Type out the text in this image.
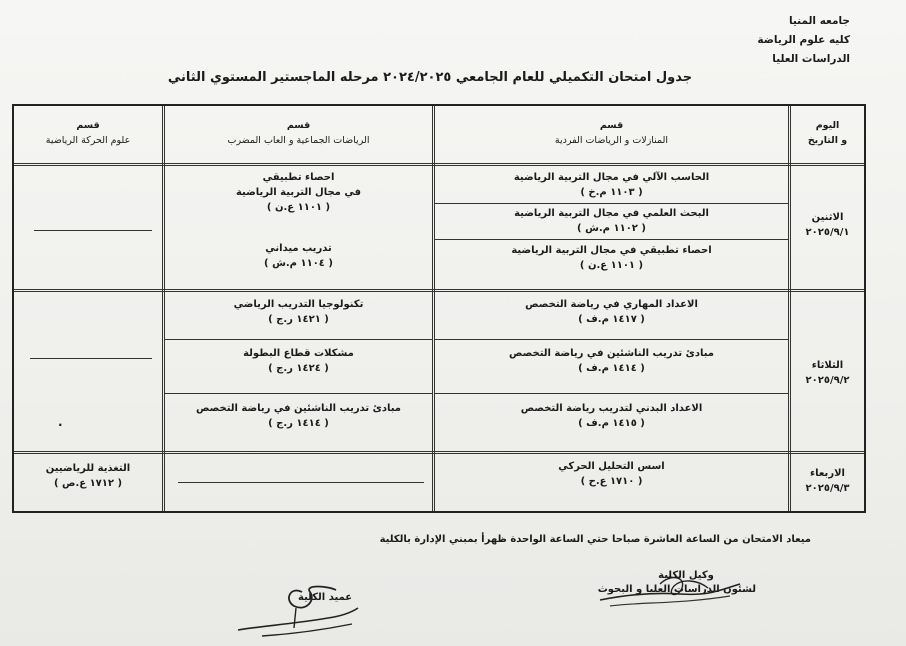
جامعه المنيا
كليه علوم الرياضة
الدراسات العليا
جدول امتحان التكميلي للعام الجامعي ٢٠٢٤/٢٠٢٥ مرحله الماجستير المستوي الثاني
اليوم
و التاريخ
قسم
المنازلات و الرياضات الفردية
قسم
الرياضات الجماعية و العاب المضرب
قسم
علوم الحركة الرياضية
الاثنين
٢٠٢٥/٩/١
الحاسب الآلي في مجال التربية الرياضية
( ١١٠٣ م.خ )
البحث العلمي في مجال التربية الرياضية
( ١١٠٢ م.ش )
احصاء تطبيقي في مجال التربية الرياضية
( ١١٠١ ع.ن )
احصاء تطبيقي
في مجال التربية الرياضية
( ١١٠١ ع.ن )
تدريب ميداني
( ١١٠٤ م.ش )
الثلاثاء
٢٠٢٥/٩/٢
الاعداد المهاري في رياضة التخصص
( ١٤١٧ م.ف )
مبادئ تدريب الناشئين في رياضة التخصص
( ١٤١٤ م.ف )
الاعداد البدني لتدريب رياضة التخصص
( ١٤١٥ م.ف )
تكنولوجيا التدريب الرياضي
( ١٤٢١ ر.ج )
مشكلات قطاع البطولة
( ١٤٢٤ ر.ج )
مبادئ تدريب الناشئين في رياضة التخصص
( ١٤١٤ ر.ج )
.
الاربعاء
٢٠٢٥/٩/٣
اسس التحليل الحركي
( ١٧١٠ ع.ح )
التغذية للرياضيين
( ١٧١٢ ع.ص )
ميعاد الامتحان من الساعة العاشرة صباحا حتي الساعة الواحدة ظهرأ بمبني الإدارة بالكلية
وكيل الكلية
لشئون الدراسات العليا و البحوث
عميد الكلية
